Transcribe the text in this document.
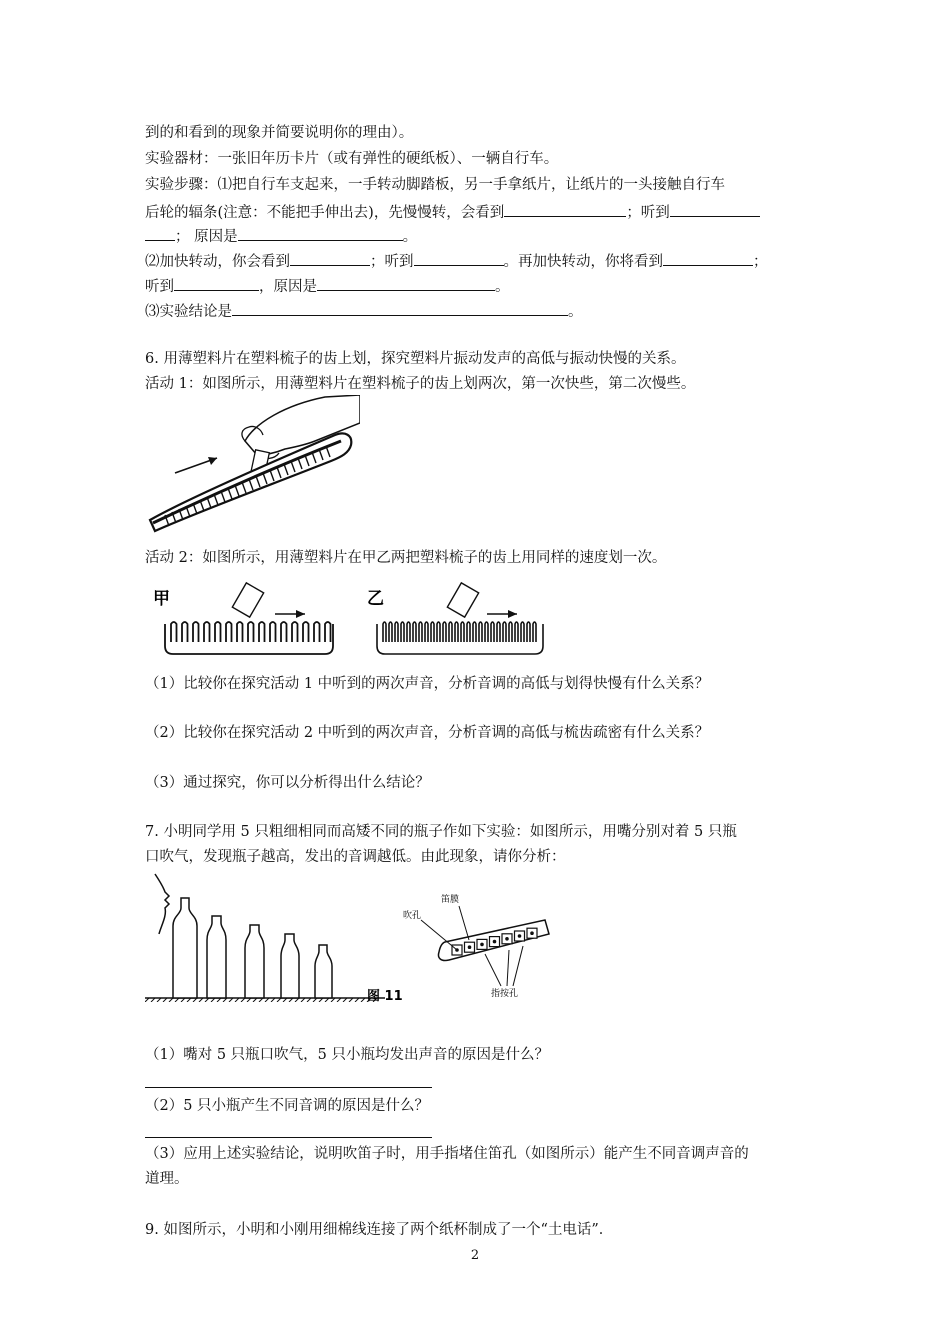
到的和看到的现象并简要说明你的理由）。
实验器材：一张旧年历卡片（或有弹性的硬纸板）、一辆自行车。
实验步骤：⑴把自行车支起来，一手转动脚踏板，另一手拿纸片，让纸片的一头接触自行车
后轮的辐条(注意：不能把手伸出去)，先慢慢转，会看到	；听到
； 原因是	。
⑵加快转动，你会看到	；听到	。再加快转动，你将看到	；
听到	，原因是	。
⑶实验结论是	。
6. 用薄塑料片在塑料梳子的齿上划，探究塑料片振动发声的高低与振动快慢的关系。
活动 1：如图所示，用薄塑料片在塑料梳子的齿上划两次，第一次快些，第二次慢些。
活动 2：如图所示，用薄塑料片在甲乙两把塑料梳子的齿上用同样的速度划一次。
甲	乙
（1）比较你在探究活动 1 中听到的两次声音，分析音调的高低与划得快慢有什么关系？
（2）比较你在探究活动 2 中听到的两次声音，分析音调的高低与梳齿疏密有什么关系？
（3）通过探究，你可以分析得出什么结论？
7. 小明同学用 5 只粗细相同而高矮不同的瓶子作如下实验：如图所示，用嘴分别对着 5 只瓶
口吹气，发现瓶子越高，发出的音调越低。由此现象，请你分析：
吹孔
笛膜
指按孔
图 11
（1）嘴对 5 只瓶口吹气，5 只小瓶均发出声音的原因是什么？
（2）5 只小瓶产生不同音调的原因是什么？
（3）应用上述实验结论，说明吹笛子时，用手指堵住笛孔（如图所示）能产生不同音调声音的
道理。
9. 如图所示，小明和小刚用细棉线连接了两个纸杯制成了一个“土电话”．
2
